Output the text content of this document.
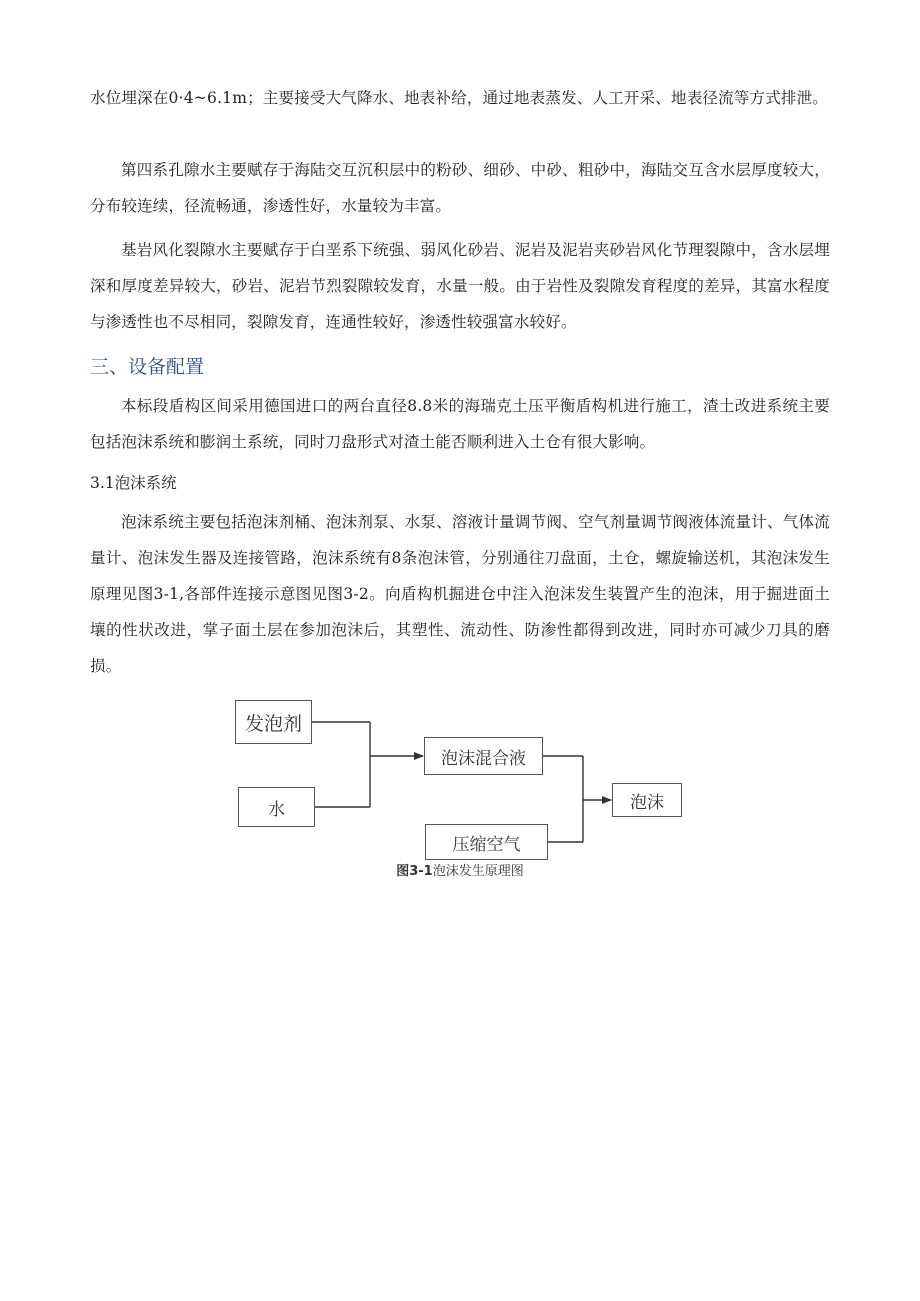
水位埋深在0·4~6.1m；主要接受大气降水、地表补给，通过地表蒸发、人工开采、地表径流等方式排泄。

第四系孔隙水主要赋存于海陆交互沉积层中的粉砂、细砂、中砂、粗砂中，海陆交互含水层厚度较大，分布较连续，径流畅通，渗透性好，水量较为丰富。

基岩风化裂隙水主要赋存于白垩系下统强、弱风化砂岩、泥岩及泥岩夹砂岩风化节理裂隙中，含水层埋深和厚度差异较大，砂岩、泥岩节烈裂隙较发育，水量一般。由于岩性及裂隙发育程度的差异，其富水程度与渗透性也不尽相同，裂隙发育，连通性较好，渗透性较强富水较好。

三、设备配置

本标段盾构区间采用德国进口的两台直径8.8米的海瑞克土压平衡盾构机进行施工，渣土改进系统主要包括泡沫系统和膨润土系统，同时刀盘形式对渣土能否顺利进入土仓有很大影响。

3.1泡沫系统

泡沫系统主要包括泡沫剂桶、泡沫剂泵、水泵、溶液计量调节阀、空气剂量调节阀液体流量计、气体流量计、泡沫发生器及连接管路，泡沫系统有8条泡沫管，分别通往刀盘面，土仓，螺旋输送机，其泡沫发生原理见图3-1,各部件连接示意图见图3-2。向盾构机掘进仓中注入泡沫发生装置产生的泡沫，用于掘进面土壤的性状改进，掌子面土层在参加泡沫后，其塑性、流动性、防渗性都得到改进，同时亦可减少刀具的磨损。

发泡剂
水
泡沫混合液
压缩空气
泡沫
图3-1泡沫发生原理图
